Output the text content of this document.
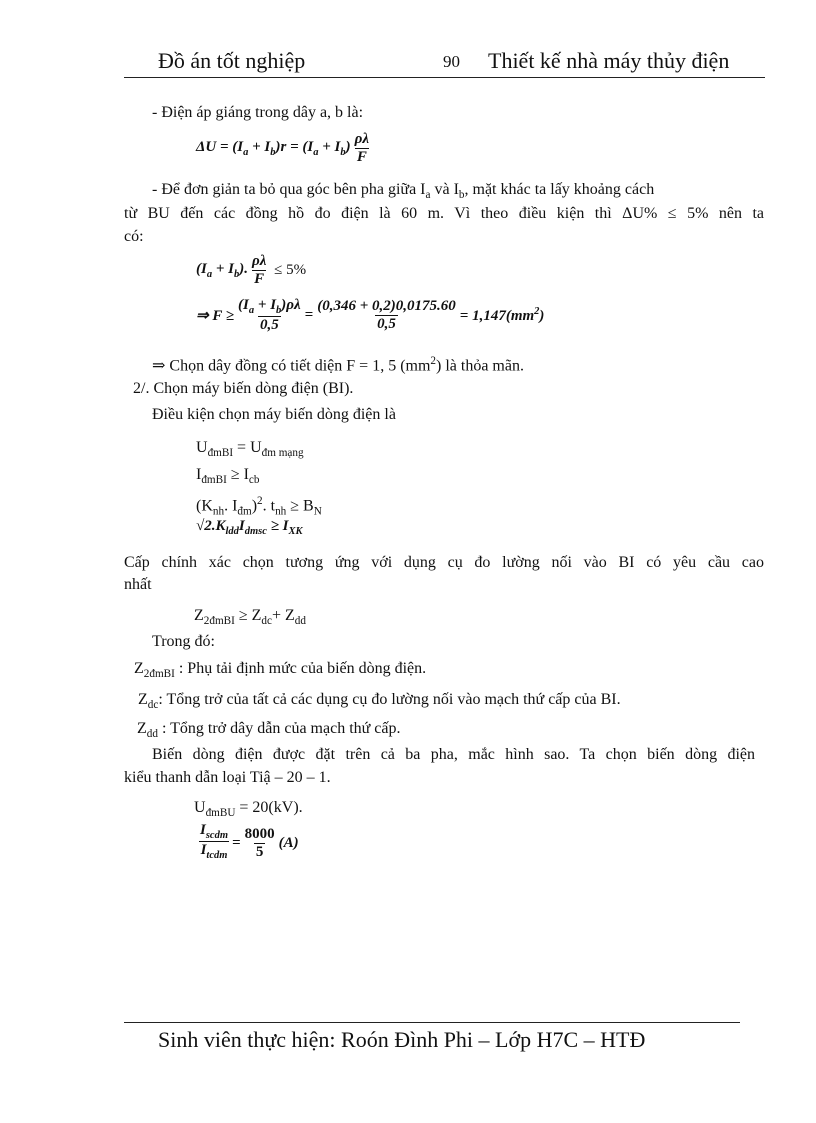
Đồ án tốt nghiệp	90 Thiết kế nhà máy thủy điện
- Điện áp giáng trong dây a, b là:
$\Delta U = (I_a + I_b)r = (I_a + I_b) \frac{\rho\lambda}{F}$
- Để đơn giản ta bỏ qua góc bên pha giữa $I_a$ và $I_b$, mặt khác ta lấy khoảng cách
từ BU đến các đồng hồ đo điện là 60 m. Vì theo điều kiện thì ΔU% ≤ 5% nên ta
có:
$(I_a + I_b)$. $\frac{\rho\lambda}{F} \le 5\%$
⇒ $F \ge \frac{(I_a + I_b)\rho\lambda}{0,5} = \frac{(0,346 + 0,2)0,0175.60}{0,5} = 1,147(mm^2)$
⇒ Chọn dây đồng có tiết diện F = 1, 5 $(mm^2)$ là thỏa mãn.
2/. Chọn máy biến dòng điện (BI).
Điều kiện chọn máy biến dòng điện là
$U_{đmBI} = U_{đm mạng}$
$I_{đmBI} \ge I_{cb}$
($K_{nh}$. $I_{đm})^2$. $t_{nh} \ge B_N$
$√2.K_{ldd}I_{dmsc} \ge I_{XK}$
Cấp chính xác chọn tương ứng với dụng cụ đo lường nối vào BI có yêu cầu cao
nhất
$Z_{2đmBI} \ge Z_{dc}+ Z_{dd}$
Trong đó:
$Z_{2đmBI}$ : Phụ tải định mức của biến dòng điện.
$Z_{dc}$: Tổng trở của tất cả các dụng cụ đo lường nối vào mạch thứ cấp của BI.
$Z_{dd}$ : Tổng trở dây dẫn của mạch thứ cấp.
Biến dòng điện được đặt trên cả ba pha, mắc hình sao. Ta chọn biến dòng điện
kiểu thanh dẫn loại Tiậ – 20 – 1.
$U_{đmBU} = 20(kV)$.
$\frac{I_{scdm}}{I_{tcdm}} = \frac{8000}{5} (A)$
Sinh viên thực hiện: Roón Đình Phi – Lớp H7C – HTĐ
